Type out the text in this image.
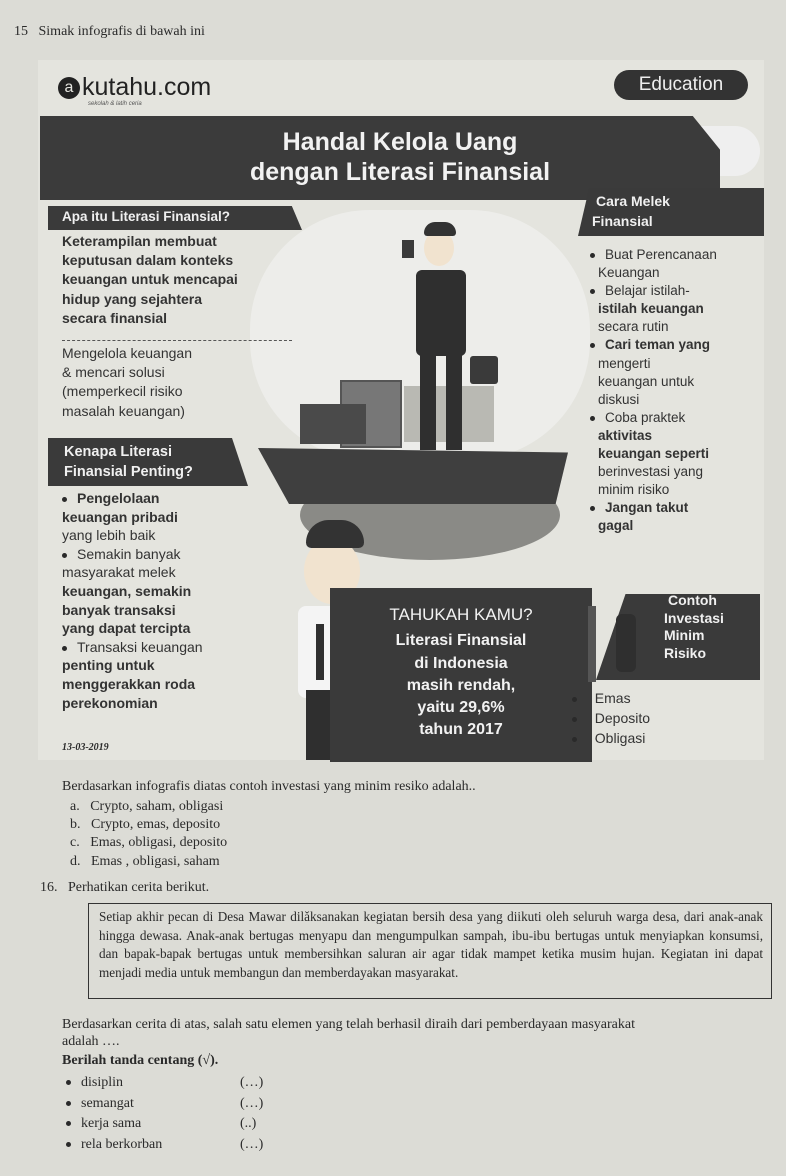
15 Simak infografis di bawah ini
Handal Kelola Uang
dengan Literasi Finansial
a kutahu.com
sekolah & latih ceria
Education
Apa itu Literasi Finansial?
Keterampilan membuat
keputusan dalam konteks
keuangan untuk mencapai
hidup yang sejahtera
secara finansial
Mengelola keuangan
& mencari solusi
(memperkecil risiko
masalah keuangan)
Kenapa Literasi
Finansial Penting?
Pengelolaan
keuangan pribadi
yang lebih baik
Semakin banyak
masyarakat melek
keuangan, semakin
banyak transaksi
yang dapat tercipta
Transaksi keuangan
penting untuk
menggerakkan roda
perekonomian
13-03-2019
Cara Melek
Finansial
Buat Perencanaan
Keuangan
Belajar istilah-
istilah keuangan
secara rutin
Cari teman yang
mengerti
keuangan untuk
diskusi
Coba praktek
aktivitas
keuangan seperti
berinvestasi yang
minim risiko
Jangan takut
gagal
TAHUKAH KAMU?
Literasi Finansial
di Indonesia
masih rendah,
yaitu 29,6%
tahun 2017
Contoh
Investasi
Minim
Risiko
Emas
Deposito
Obligasi
Berdasarkan infografis diatas contoh investasi yang minim resiko adalah..
a. Crypto, saham, obligasi
b. Crypto, emas, deposito
c. Emas, obligasi, deposito
d. Emas , obligasi, saham
16. Perhatikan cerita berikut.
Setiap akhir pecan di Desa Mawar dilǎksanakan kegiatan bersih desa yang diikuti oleh seluruh warga desa, dari anak-anak hingga dewasa. Anak-anak bertugas menyapu dan mengumpulkan sampah, ibu-ibu bertugas untuk menyiapkan konsumsi, dan bapak-bapak bertugas untuk membersihkan saluran air agar tidak mampet ketika musim hujan. Kegiatan ini dapat menjadi media untuk membangun dan memberdayakan masyarakat.
Berdasarkan cerita di atas, salah satu elemen yang telah berhasil diraih dari pemberdayaan masyarakat
adalah ….
Berilah tanda centang (√).
disiplin	(…)
semangat	(…)
kerja sama	(..)
rela berkorban	(…)
